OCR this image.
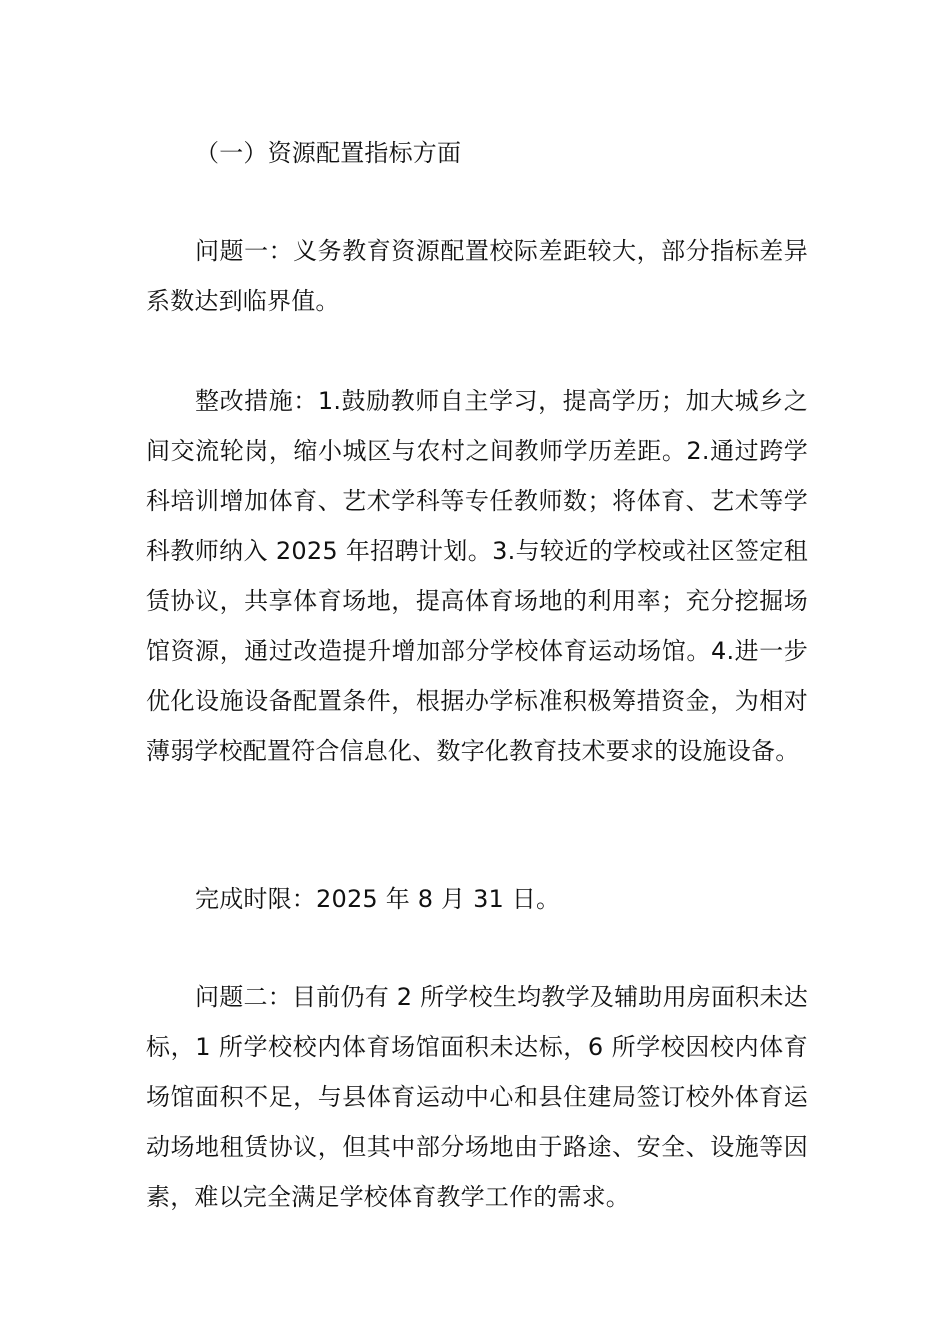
（一）资源配置指标方面

问题一：义务教育资源配置校际差距较大，部分指标差异系数达到临界值。

整改措施：1.鼓励教师自主学习，提高学历；加大城乡之间交流轮岗，缩小城区与农村之间教师学历差距。2.通过跨学科培训增加体育、艺术学科等专任教师数；将体育、艺术等学科教师纳入 2025 年招聘计划。3.与较近的学校或社区签定租赁协议，共享体育场地，提高体育场地的利用率；充分挖掘场馆资源，通过改造提升增加部分学校体育运动场馆。4.进一步优化设施设备配置条件，根据办学标准积极筹措资金，为相对薄弱学校配置符合信息化、数字化教育技术要求的设施设备。

完成时限：2025 年 8 月 31 日。

问题二：目前仍有 2 所学校生均教学及辅助用房面积未达标，1 所学校校内体育场馆面积未达标，6 所学校因校内体育场馆面积不足，与县体育运动中心和县住建局签订校外体育运动场地租赁协议，但其中部分场地由于路途、安全、设施等因素，难以完全满足学校体育教学工作的需求。
